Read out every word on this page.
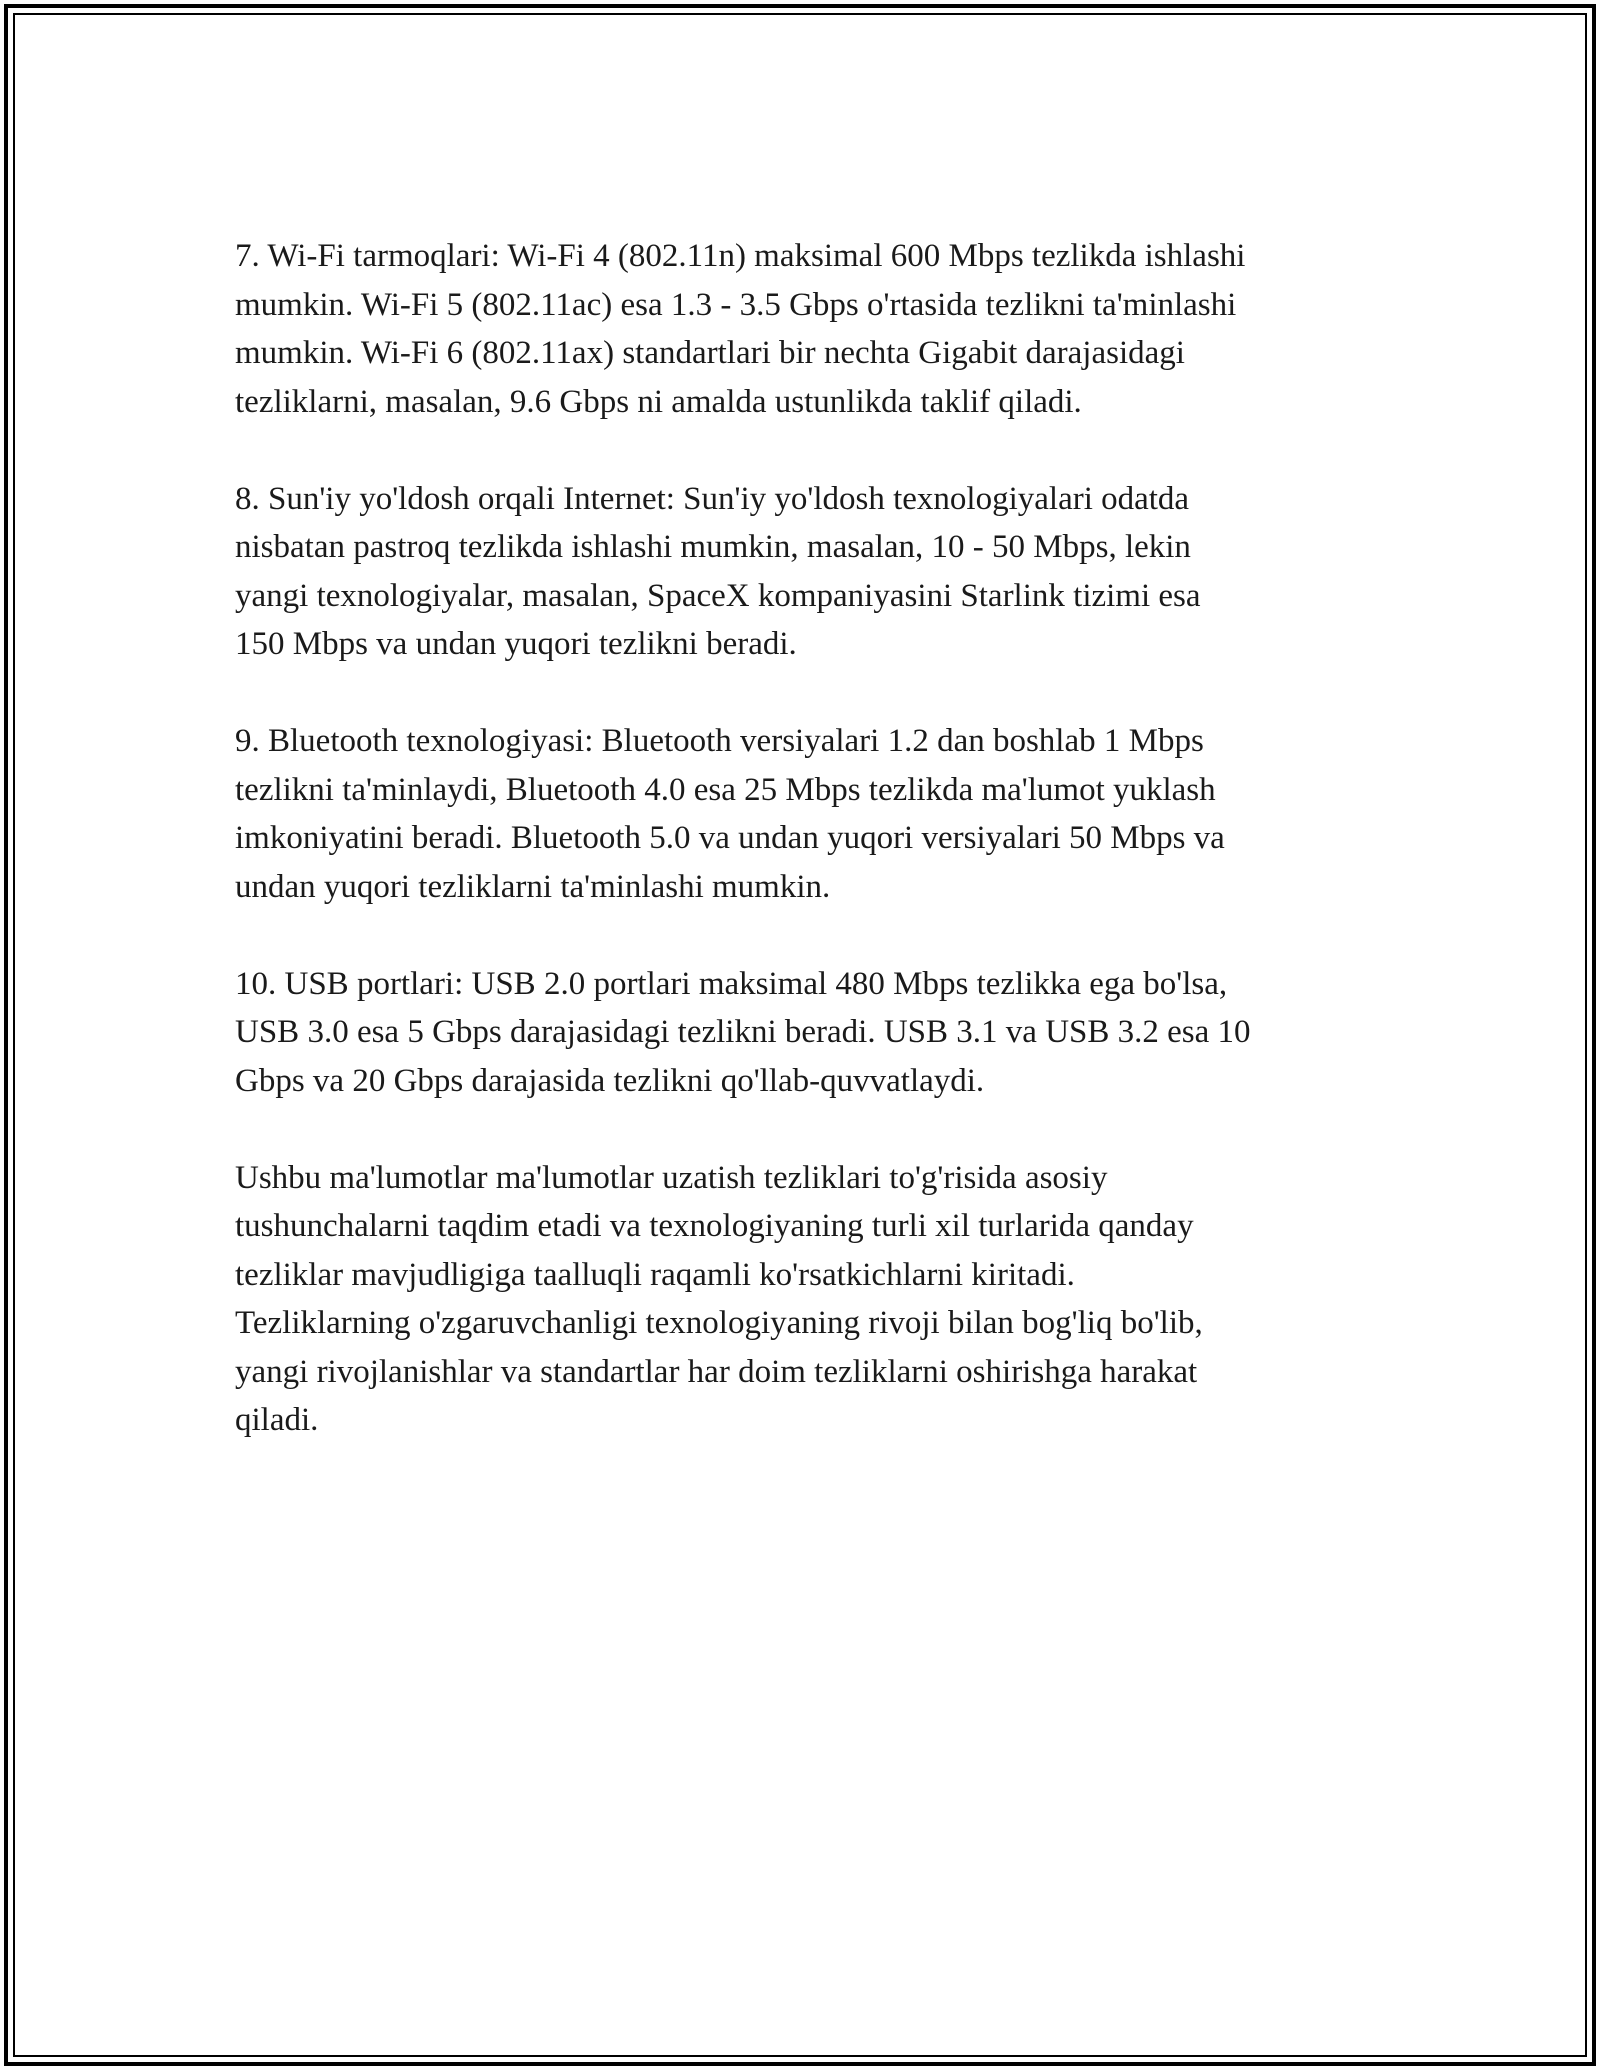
7. Wi-Fi tarmoqlari: Wi-Fi 4 (802.11n) maksimal 600 Mbps tezlikda ishlashi
mumkin. Wi-Fi 5 (802.11ac) esa 1.3 - 3.5 Gbps o'rtasida tezlikni ta'minlashi
mumkin. Wi-Fi 6 (802.11ax) standartlari bir nechta Gigabit darajasidagi
tezliklarni, masalan, 9.6 Gbps ni amalda ustunlikda taklif qiladi.

8. Sun'iy yo'ldosh orqali Internet: Sun'iy yo'ldosh texnologiyalari odatda
nisbatan pastroq tezlikda ishlashi mumkin, masalan, 10 - 50 Mbps, lekin
yangi texnologiyalar, masalan, SpaceX kompaniyasini Starlink tizimi esa
150 Mbps va undan yuqori tezlikni beradi.

9. Bluetooth texnologiyasi: Bluetooth versiyalari 1.2 dan boshlab 1 Mbps
tezlikni ta'minlaydi, Bluetooth 4.0 esa 25 Mbps tezlikda ma'lumot yuklash
imkoniyatini beradi. Bluetooth 5.0 va undan yuqori versiyalari 50 Mbps va
undan yuqori tezliklarni ta'minlashi mumkin.

10. USB portlari: USB 2.0 portlari maksimal 480 Mbps tezlikka ega bo'lsa,
USB 3.0 esa 5 Gbps darajasidagi tezlikni beradi. USB 3.1 va USB 3.2 esa 10
Gbps va 20 Gbps darajasida tezlikni qo'llab-quvvatlaydi.

Ushbu ma'lumotlar ma'lumotlar uzatish tezliklari to'g'risida asosiy
tushunchalarni taqdim etadi va texnologiyaning turli xil turlarida qanday
tezliklar mavjudligiga taalluqli raqamli ko'rsatkichlarni kiritadi.
Tezliklarning o'zgaruvchanligi texnologiyaning rivoji bilan bog'liq bo'lib,
yangi rivojlanishlar va standartlar har doim tezliklarni oshirishga harakat
qiladi.
